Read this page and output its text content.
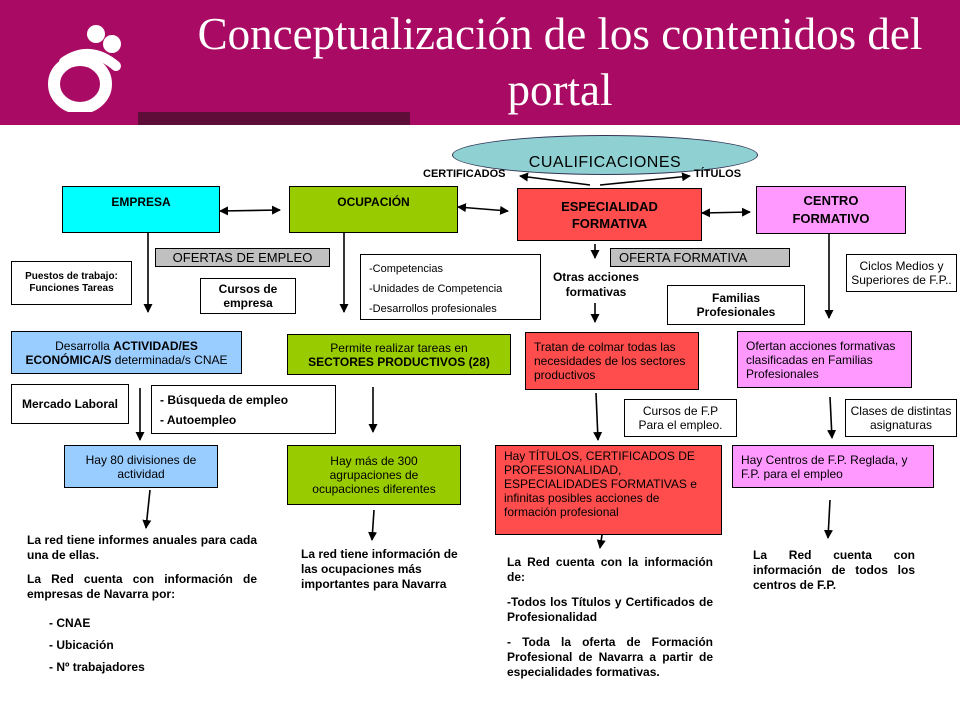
Conceptualización de los contenidos del portal
CUALIFICACIONES
CERTIFICADOS	TÍTULOS
EMPRESA	OCUPACIÓN	ESPECIALIDAD FORMATIVA
CENTRO FORMATIVO
OFERTAS DE EMPLEO	OFERTA FORMATIVA
Puestos de trabajo: Funciones Tareas	Cursos de empresa
-Competencias
-Unidades de Competencia
-Desarrollos profesionales
Otras acciones formativas	Familias Profesionales
Ciclos Medios y Superiores de F.P..
Desarrolla ACTIVIDAD/ES ECONÓMICA/S determinada/s CNAE
Permite realizar tareas en
SECTORES PRODUCTIVOS (28)
Tratan de colmar todas las necesidades de los sectores productivos
Ofertan acciones formativas clasificadas en Familias Profesionales
Mercado Laboral	- Búsqueda de empleo
- Autoempleo
Cursos de F.P Para el empleo.
Clases de distintas asignaturas
Hay 80 divisiones de actividad
Hay más de 300 agrupaciones de ocupaciones diferentes
Hay TÍTULOS, CERTIFICADOS DE PROFESIONALIDAD, ESPECIALIDADES FORMATIVAS e infinitas posibles acciones de formación profesional
Hay Centros de F.P. Reglada, y F.P. para el empleo
La red tiene informes anuales para cada una de ellas.
La Red cuenta con información de empresas de Navarra por:
- CNAE
- Ubicación
- Nº trabajadores
La red tiene información de las ocupaciones más importantes para Navarra
La Red cuenta con la información de:
-Todos los Títulos y Certificados de Profesionalidad
- Toda la oferta de Formación Profesional de Navarra a partir de especialidades formativas.
La Red cuenta con información de todos los centros de F.P.
